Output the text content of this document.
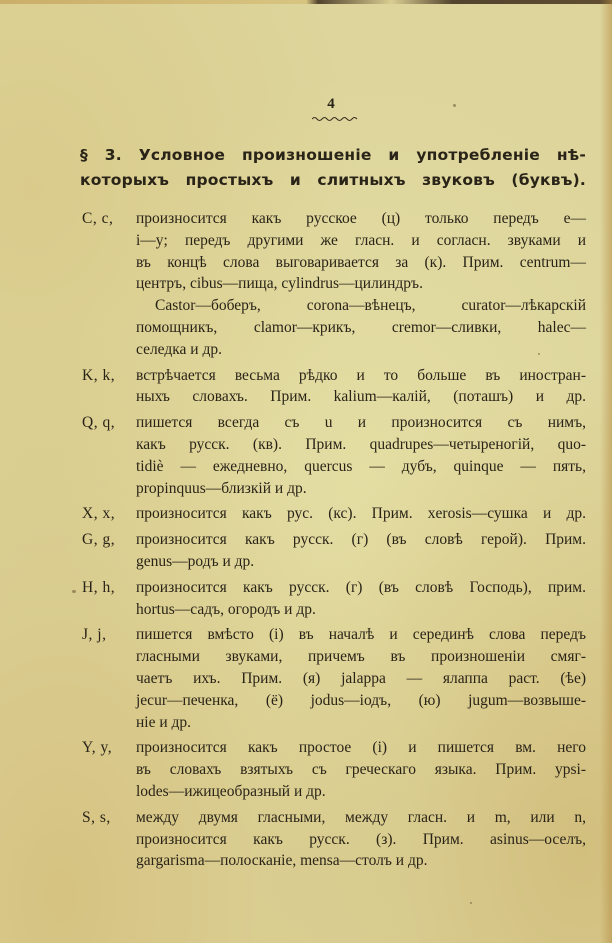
4
§ 3. Условное произношеніе и употребленіе нѣ-
которыхъ простыхъ и слитныхъ звуковъ (буквъ).
C, c,	произносится какъ русское (ц) только передъ e—
i—y; передъ другими же гласн. и согласн. звуками и
въ концѣ слова выговаривается за (к). Прим. centrum—
центръ, cibus—пища, cylindrus—цилиндръ.
Castor—боберъ, corona—вѣнецъ, curator—лѣкарскій
помощникъ, clamor—крикъ, cremor—сливки, halec—
селедка и др.
K, k,	встрѣчается весьма рѣдко и то больше въ иностран-
ныхъ словахъ. Прим. kalium—калій, (поташъ) и др.
Q, q,	пишется всегда съ u и произносится съ нимъ,
какъ русск. (кв). Прим. quadrupes—четыреногій, quo-
tidiè — ежедневно, quercus — дубъ, quinque — пять,
propinquus—близкій и др.
X, x,	произносится какъ рус. (кс). Прим. xerosis—сушка и др.
G, g,	произносится какъ русск. (г) (въ словѣ герой). Прим.
genus—родъ и др.
H, h,	произносится какъ русск. (г) (въ словѣ Господь), прим.
hortus—садъ, огородъ и др.
J, j,	пишется вмѣсто (i) въ началѣ и серединѣ слова передъ
гласными звуками, причемъ въ произношеніи смяг-
чаетъ ихъ. Прим. (я) jalappa — ялаппа раст. (ѣе)
jecur—печенка, (ё) jodus—іодъ, (ю) jugum—возвыше-
ніе и др.
Y, y,	произносится какъ простое (i) и пишется вм. него
въ словахъ взятыхъ съ греческаго языка. Прим. ypsi-
lodes—ижицеобразный и др.
S, s,	между двумя гласными, между гласн. и m, или n,
произносится какъ русск. (з). Прим. asinus—оселъ,
gargarisma—полосканіе, mensa—столъ и др.
